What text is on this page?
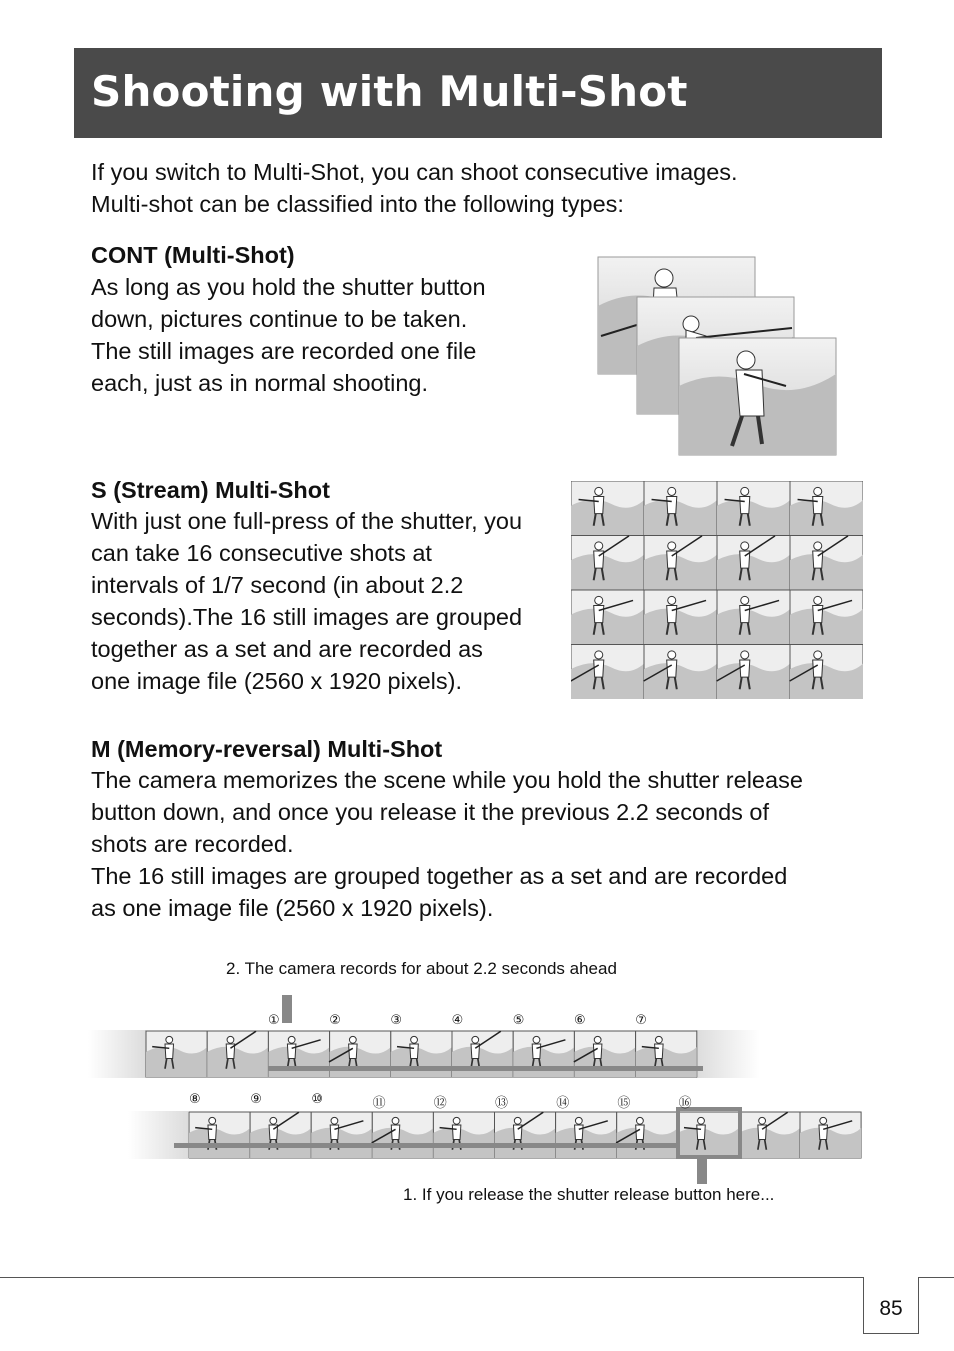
Shooting with Multi-Shot

If you switch to Multi-Shot, you can shoot consecutive images.
Multi-shot can be classified into the following types:

CONT (Multi-Shot)

As long as you hold the shutter button
down, pictures continue to be taken.
The still images are recorded one file
each, just as in normal shooting.

S (Stream) Multi-Shot

With just one full-press of the shutter, you
can take 16 consecutive shots at
intervals of 1/7 second (in about 2.2
seconds).The 16 still images are grouped
together as a set and are recorded as
one image file (2560 x 1920 pixels).

M (Memory-reversal) Multi-Shot

The camera memorizes the scene while you hold the shutter release
button down, and once you release it the previous 2.2 seconds of
shots are recorded.
The 16 still images are grouped together as a set and are recorded
as one image file (2560 x 1920 pixels).

2. The camera records for about 2.2 seconds ahead
1. If you release the shutter release button here...
①	②	③	④	⑤	⑥	⑦
⑧	⑨	⑩	⑪	⑫	⑬	⑭	⑮	⑯
85
